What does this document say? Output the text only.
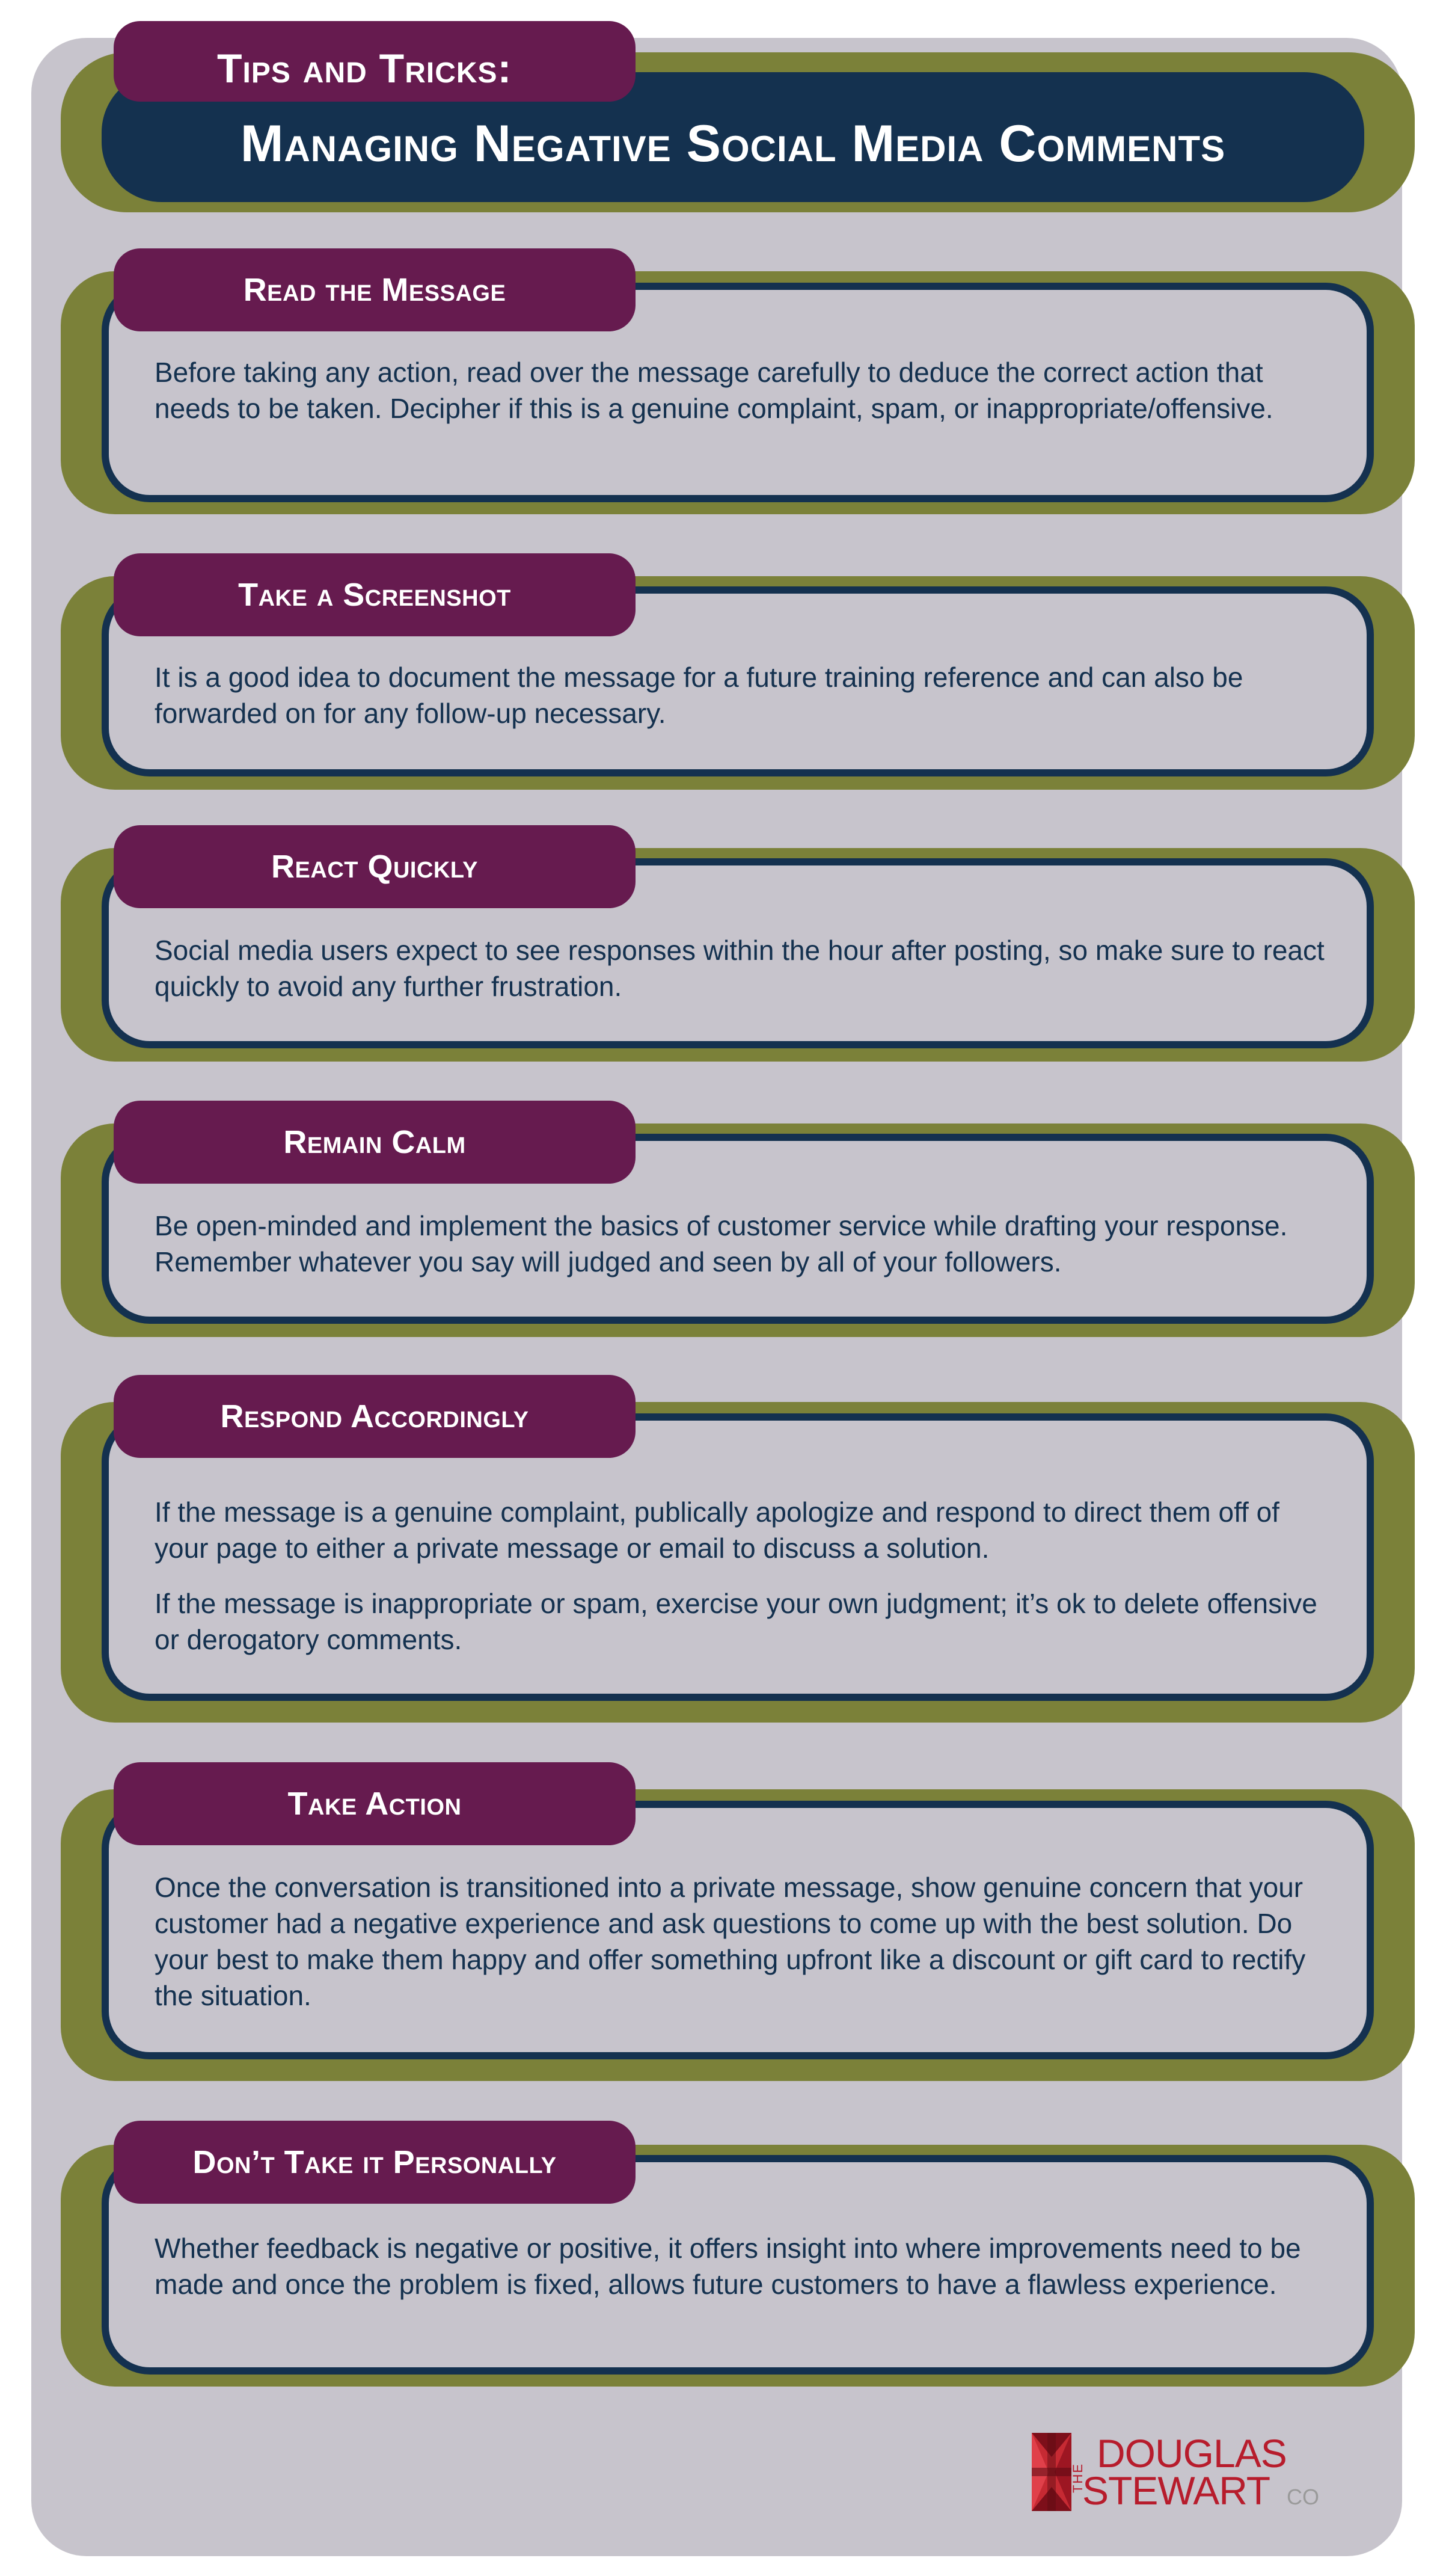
Tips and Tricks:
Managing Negative Social Media Comments
Read the Message

Before taking any action, read over the message carefully to deduce the correct action that needs to be taken. Decipher if this is a genuine complaint, spam, or inappropriate/offensive.

Take a Screenshot

It is a good idea to document the message for a future training reference and can also be forwarded on for any follow-up necessary.

React Quickly

Social media users expect to see responses within the hour after posting, so make sure to react quickly to avoid any further frustration.

Remain Calm

Be open-minded and implement the basics of customer service while drafting your response. Remember whatever you say will judged and seen by all of your followers.

Respond Accordingly

If the message is a genuine complaint, publically apologize and respond to direct them off of your page to either a private message or email to discuss a solution.

If the message is inappropriate or spam, exercise your own judgment; it’s ok to delete offensive or derogatory comments.

Take Action

Once the conversation is transitioned into a private message, show genuine concern that your customer had a negative experience and ask questions to come up with the best solution. Do your best to make them happy and offer something upfront like a discount or gift card to rectify the situation.

Don’t Take it Personally

Whether feedback is negative or positive, it offers insight into where improvements need to be made and once the problem is fixed, allows future customers to have a flawless experience.

THE
DOUGLAS
STEWART CO
